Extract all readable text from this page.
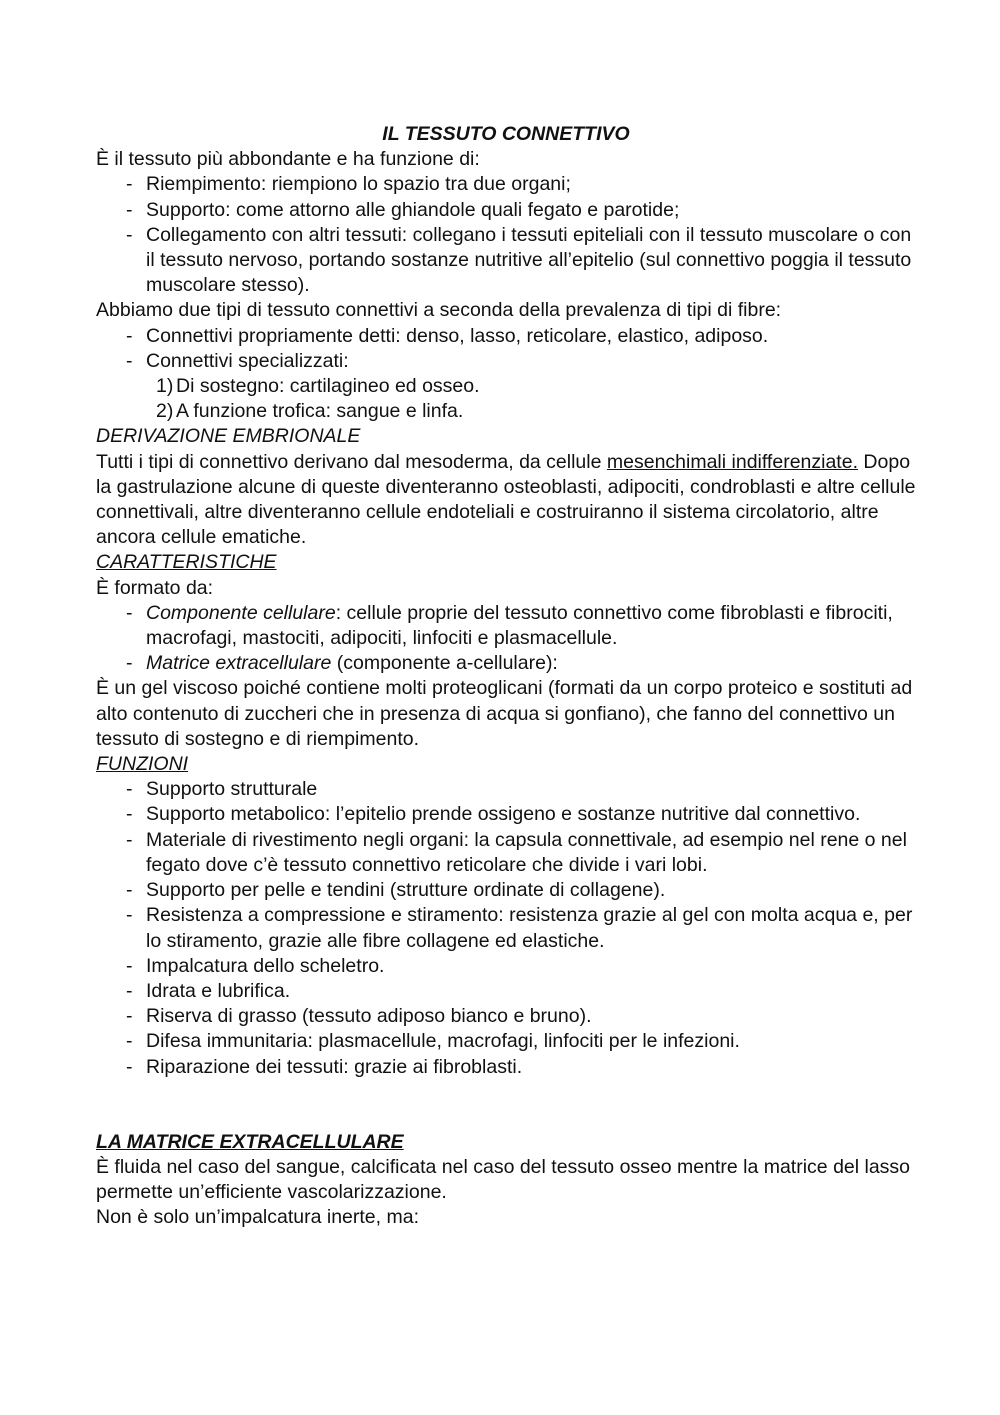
IL TESSUTO CONNETTIVO

È il tessuto più abbondante e ha funzione di:

- Riempimento: riempiono lo spazio tra due organi;
- Supporto: come attorno alle ghiandole quali fegato e parotide;
- Collegamento con altri tessuti: collegano i tessuti epiteliali con il tessuto muscolare o con il tessuto nervoso, portando sostanze nutritive all’epitelio (sul connettivo poggia il tessuto muscolare stesso).

Abbiamo due tipi di tessuto connettivi a seconda della prevalenza di tipi di fibre:

- Connettivi propriamente detti: denso, lasso, reticolare, elastico, adiposo.
- Connettivi specializzati:
1) Di sostegno: cartilagineo ed osseo.
2) A funzione trofica: sangue e linfa.

DERIVAZIONE EMBRIONALE

Tutti i tipi di connettivo derivano dal mesoderma, da cellule mesenchimali indifferenziate. Dopo la gastrulazione alcune di queste diventeranno osteoblasti, adipociti, condroblasti e altre cellule connettivali, altre diventeranno cellule endoteliali e costruiranno il sistema circolatorio, altre ancora cellule ematiche.

CARATTERISTICHE

È formato da:

- Componente cellulare: cellule proprie del tessuto connettivo come fibroblasti e fibrociti, macrofagi, mastociti, adipociti, linfociti e plasmacellule.
- Matrice extracellulare (componente a-cellulare):

È un gel viscoso poiché contiene molti proteoglicani (formati da un corpo proteico e sostituti ad alto contenuto di zuccheri che in presenza di acqua si gonfiano), che fanno del connettivo un tessuto di sostegno e di riempimento.

FUNZIONI

- Supporto strutturale
- Supporto metabolico: l’epitelio prende ossigeno e sostanze nutritive dal connettivo.
- Materiale di rivestimento negli organi: la capsula connettivale, ad esempio nel rene o nel fegato dove c’è tessuto connettivo reticolare che divide i vari lobi.
- Supporto per pelle e tendini (strutture ordinate di collagene).
- Resistenza a compressione e stiramento: resistenza grazie al gel con molta acqua e, per lo stiramento, grazie alle fibre collagene ed elastiche.
- Impalcatura dello scheletro.
- Idrata e lubrifica.
- Riserva di grasso (tessuto adiposo bianco e bruno).
- Difesa immunitaria: plasmacellule, macrofagi, linfociti per le infezioni.
- Riparazione dei tessuti: grazie ai fibroblasti.

LA MATRICE EXTRACELLULARE

È fluida nel caso del sangue, calcificata nel caso del tessuto osseo mentre la matrice del lasso permette un’efficiente vascolarizzazione.

Non è solo un’impalcatura inerte, ma:
